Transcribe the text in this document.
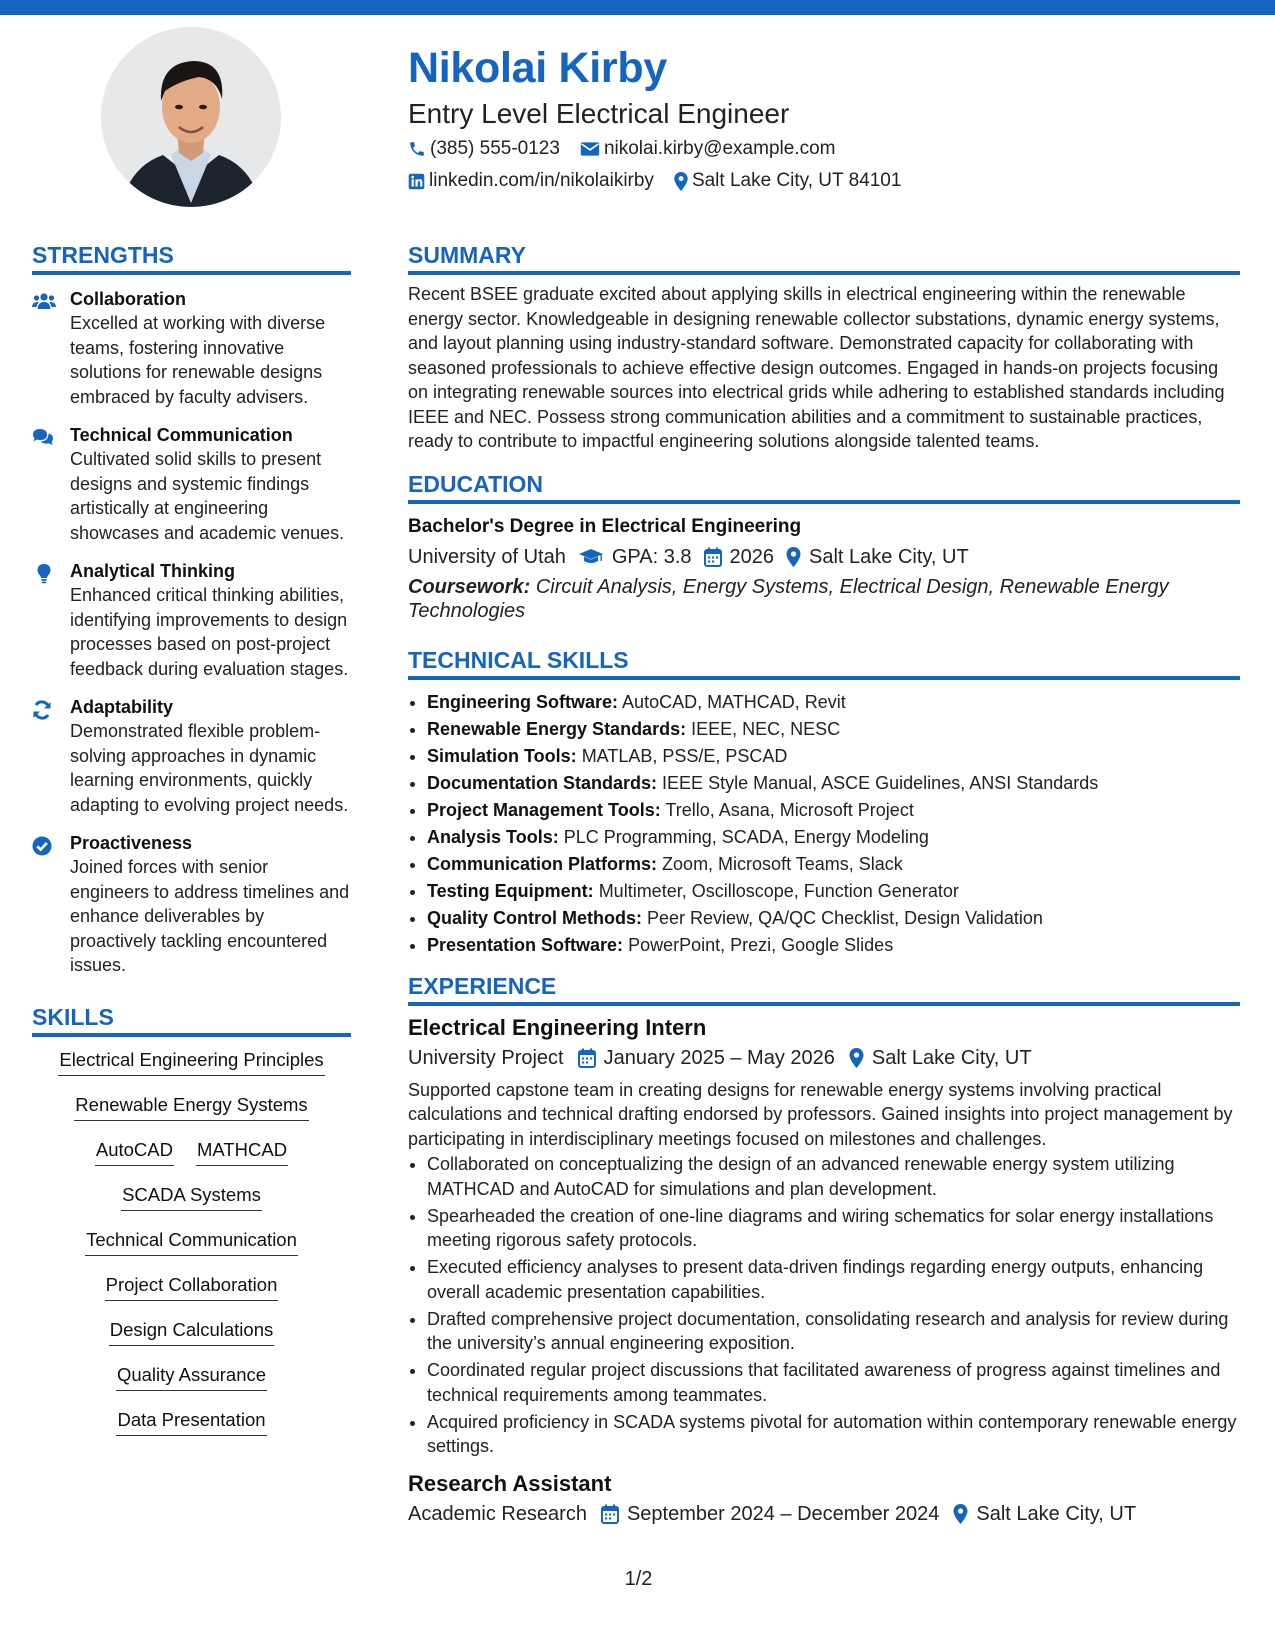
Nikolai Kirby
Entry Level Electrical Engineer
(385) 555-0123 nikolai.kirby@example.com
linkedin.com/in/nikolaikirby Salt Lake City, UT 84101
STRENGTHS
Collaboration
Excelled at working with diverse teams, fostering innovative solutions for renewable designs embraced by faculty advisers.
Technical Communication
Cultivated solid skills to present designs and systemic findings artistically at engineering showcases and academic venues.
Analytical Thinking
Enhanced critical thinking abilities, identifying improvements to design processes based on post-project feedback during evaluation stages.
Adaptability
Demonstrated flexible problem-solving approaches in dynamic learning environments, quickly adapting to evolving project needs.
Proactiveness
Joined forces with senior engineers to address timelines and enhance deliverables by proactively tackling encountered issues.
SKILLS
Electrical Engineering Principles
Renewable Energy Systems
AutoCAD MATHCAD
SCADA Systems
Technical Communication
Project Collaboration
Design Calculations
Quality Assurance
Data Presentation
SUMMARY

Recent BSEE graduate excited about applying skills in electrical engineering within the renewable energy sector. Knowledgeable in designing renewable collector substations, dynamic energy systems, and layout planning using industry-standard software. Demonstrated capacity for collaborating with seasoned professionals to achieve effective design outcomes. Engaged in hands-on projects focusing on integrating renewable sources into electrical grids while adhering to established standards including IEEE and NEC. Possess strong communication abilities and a commitment to sustainable practices, ready to contribute to impactful engineering solutions alongside talented teams.

EDUCATION
Bachelor's Degree in Electrical Engineering
University of Utah GPA: 3.8 2026 Salt Lake City, UT
Coursework: Circuit Analysis, Energy Systems, Electrical Design, Renewable Energy Technologies
TECHNICAL SKILLS
• Engineering Software: AutoCAD, MATHCAD, Revit
• Renewable Energy Standards: IEEE, NEC, NESC
• Simulation Tools: MATLAB, PSS/E, PSCAD
• Documentation Standards: IEEE Style Manual, ASCE Guidelines, ANSI Standards
• Project Management Tools: Trello, Asana, Microsoft Project
• Analysis Tools: PLC Programming, SCADA, Energy Modeling
• Communication Platforms: Zoom, Microsoft Teams, Slack
• Testing Equipment: Multimeter, Oscilloscope, Function Generator
• Quality Control Methods: Peer Review, QA/QC Checklist, Design Validation
• Presentation Software: PowerPoint, Prezi, Google Slides
EXPERIENCE
Electrical Engineering Intern
University Project January 2025 – May 2026 Salt Lake City, UT

Supported capstone team in creating designs for renewable energy systems involving practical calculations and technical drafting endorsed by professors. Gained insights into project management by participating in interdisciplinary meetings focused on milestones and challenges.

• Collaborated on conceptualizing the design of an advanced renewable energy system utilizing MATHCAD and AutoCAD for simulations and plan development.
• Spearheaded the creation of one-line diagrams and wiring schematics for solar energy installations meeting rigorous safety protocols.
• Executed efficiency analyses to present data-driven findings regarding energy outputs, enhancing overall academic presentation capabilities.
• Drafted comprehensive project documentation, consolidating research and analysis for review during the university’s annual engineering exposition.
• Coordinated regular project discussions that facilitated awareness of progress against timelines and technical requirements among teammates.
• Acquired proficiency in SCADA systems pivotal for automation within contemporary renewable energy settings.
Research Assistant
Academic Research September 2024 – December 2024 Salt Lake City, UT
1/2
